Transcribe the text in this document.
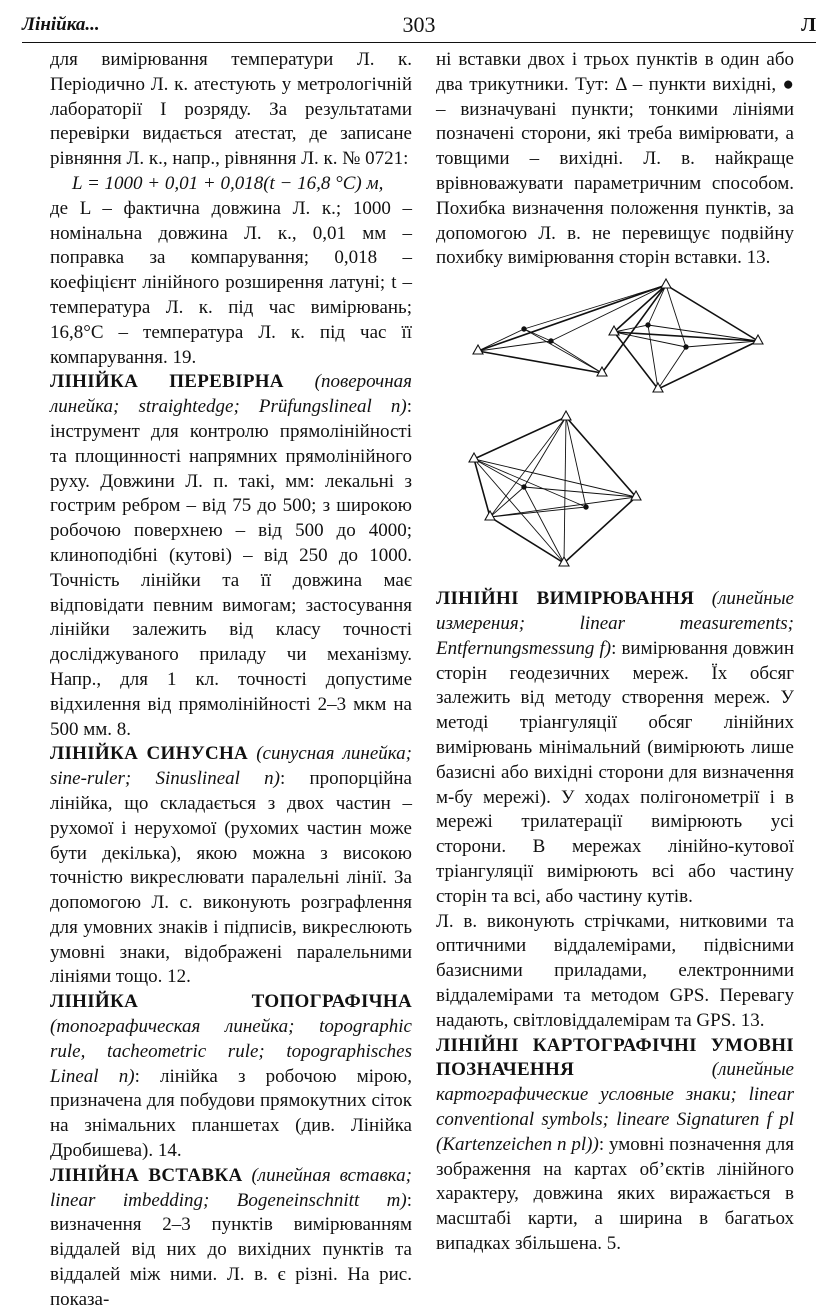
Лінійка...	303	Л

для вимірювання температури Л. к. Періодично Л. к. атестують у метрологічній лабораторії І розряду. За результатами перевірки видається атестат, де записане рівняння Л. к., напр., рівняння Л. к. № 0721:

L = 1000 + 0,01 + 0,018(t − 16,8 °C) м,

де L – фактична довжина Л. к.; 1000 – номінальна довжина Л. к., 0,01 мм – поправка за компарування; 0,018 – коефіцієнт лінійного розширення латуні; t – температура Л. к. під час вимірювань; 16,8°C – температура Л. к. під час її компарування. 19.

ЛІНІЙКА ПЕРЕВІРНА (поверочная линейка; straightedge; Prüfungslineal n): інструмент для контролю прямолінійності та площинності напрямних прямолінійного руху. Довжини Л. п. такі, мм: лекальні з гострим ребром – від 75 до 500; з широкою робочою поверхнею – від 500 до 4000; клиноподібні (кутові) – від 250 до 1000. Точність лінійки та її довжина має відповідати певним вимогам; застосування лінійки залежить від класу точності досліджуваного приладу чи механізму. Напр., для 1 кл. точності допустиме відхилення від прямолінійності 2–3 мкм на 500 мм. 8.

ЛІНІЙКА СИНУСНА (синусная линейка; sine-ruler; Sinuslineal n): пропорційна лінійка, що складається з двох частин – рухомої і нерухомої (рухомих частин може бути декілька), якою можна з високою точністю викреслювати паралельні лінії. За допомогою Л. с. виконують розграфлення для умовних знаків і підписів, викреслюють умовні знаки, відображені паралельними лініями тощо. 12.

ЛІНІЙКА ТОПОГРАФІЧНА (топографическая линейка; topographic rule, tacheometric rule; topographisches Lineal n): лінійка з робочою мірою, призначена для побудови прямокутних сіток на знімальних планшетах (див. Лінійка Дробишева). 14.

ЛІНІЙНА ВСТАВКА (линейная вставка; linear imbedding; Bogeneinschnitt m): визначення 2–3 пунктів вимірюванням віддалей від них до вихідних пунктів та віддалей між ними. Л. в. є різні. На рис. показа-

ні вставки двох і трьох пунктів в один або два трикутники. Тут: Δ – пункти вихідні, ● – визначувані пункти; тонкими лініями позначені сторони, які треба вимірювати, а товщими – вихідні. Л. в. найкраще врівноважувати параметричним способом. Похибка визначення положення пунктів, за допомогою Л. в. не перевищує подвійну похибку вимірювання сторін вставки. 13.

ЛІНІЙНІ ВИМІРЮВАННЯ (линейные измерения; linear measurements; Entfernungsmessung f): вимірювання довжин сторін геодезичних мереж. Їх обсяг залежить від методу створення мереж. У методі тріангуляції обсяг лінійних вимірювань мінімальний (вимірюють лише базисні або вихідні сторони для визначення м-бу мережі). У ходах полігонометрії і в мережі трилатерації вимірюють усі сторони. В мережах лінійно-кутової тріангуляції вимірюють всі або частину сторін та всі, або частину кутів.

Л. в. виконують стрічками, нитковими та оптичними віддалемірами, підвісними базисними приладами, електронними віддалемірами та методом GPS. Перевагу надають, світловіддалемірам та GPS. 13.

ЛІНІЙНІ КАРТОГРАФІЧНІ УМОВНІ ПОЗНАЧЕННЯ	(линейные картографические условные знаки; linear conventional symbols; lineare Signaturen f pl (Kartenzeichen n pl)): умовні позначення для зображення на картах об’єктів лінійного характеру, довжина яких виражається в масштабі карти, а ширина в багатьох випадках збільшена. 5.
